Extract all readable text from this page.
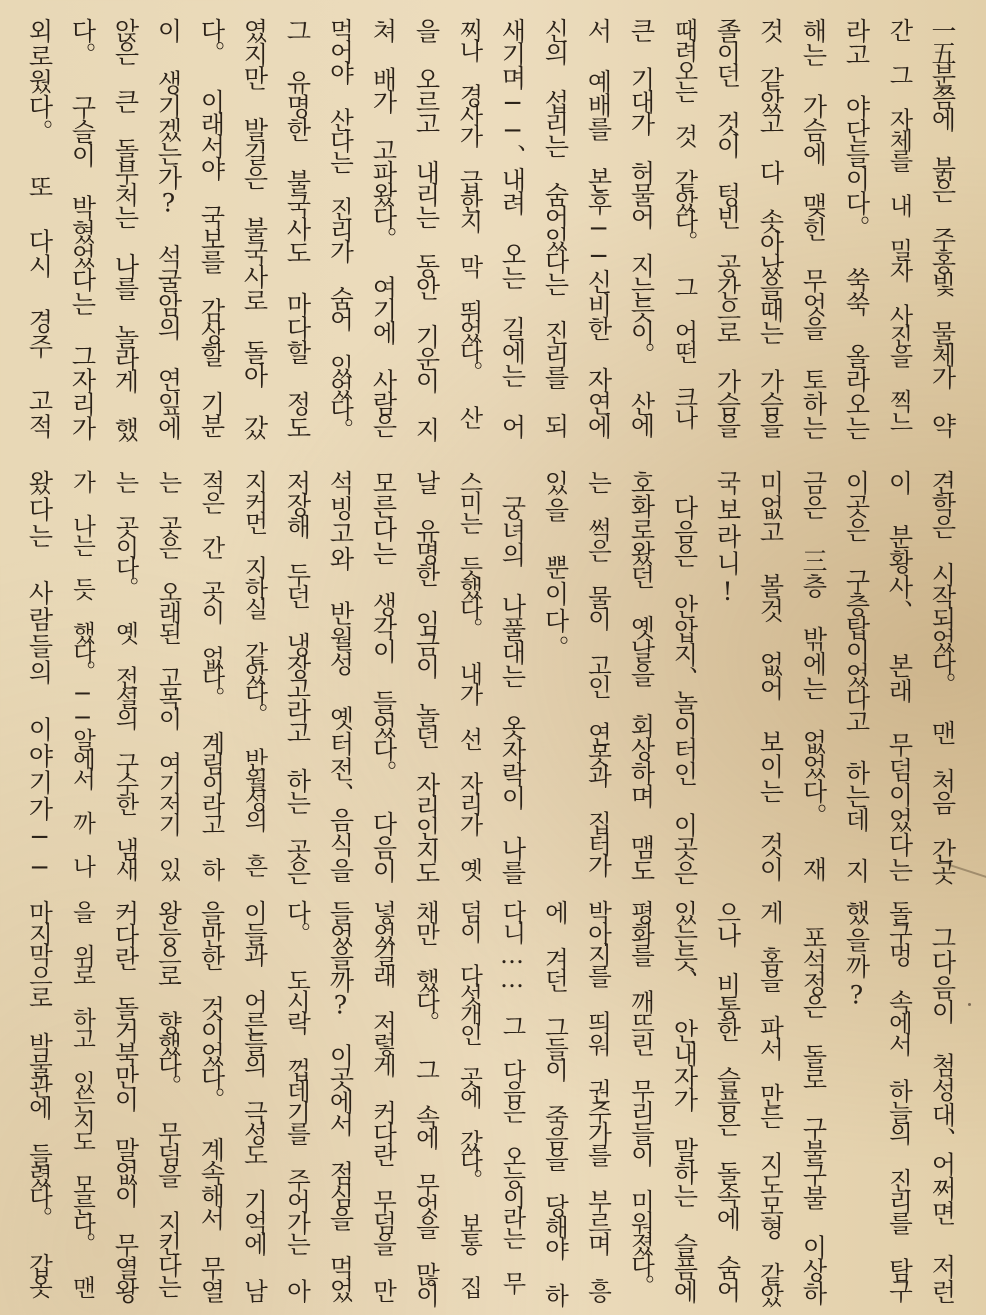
一五분쯤에 붉은 주홍빛 물체가 약
간 그 자체를 내 밀자 사진을 찍느
라고 야단들이다。 쑥쑥 올라오는
해는 가슴에 맺힌 무엇을 토하는
것 같았고 다 솟아났을때는 가슴을
졸이던 것이 텅빈 공간으로 가슴을
때려오는 것 같았다。 그 어떤 크나
큰 기대가 허물어 지는듯이。 산에
서 예배를 본후──신비한 자연에
신의 섭리는 숨어있다는 진리를 되
새기며──、내려 오는 길에는 어
찌나 경사가 급한지 막 뛰었다。 산
을 오르고 내리는 동안 기운이 지
쳐 배가 고파왔다。 여기에 사람은
먹어야 산다는 진리가 숨어 있었다。
그 유명한 불국사도 마다할 정도
였지만 발길은 불국사로 돌아 갔
다。 이래서야 국보를 감상할 기분
이 생기겠는가? 석굴암의 연잎에
앉은 큰 돌부처는 나를 놀라게 했
다。 구슬이 박혔었다는 그자리가
외로웠다。 또 다시 경주 고적
견학은 시작되었다。 맨 처음 간곳
이 분황사、 본래 무덤이었다는
이곳은 구층탑이었다고 하는데 지
금은 三층 밖에는 없었다。 재
미없고 볼것 없어 보이는 것이
국보라니!
다음은 안압지、놀이터인 이곳은
호화로왔던 옛날을 회상하며 맴도
는 썩은 물이 고인 연못과 집터가
있을 뿐이다。
궁녀의 나풀대는 옷자락이 나를
스미는 듯했다。 내가 선 자리가 옛
날 유명한 임금이 놀던 자리인지도
모른다는 생각이 들었다。 다음이
석빙고와 반월성 옛터전、음식을
저장해 두던 냉장고라고 하는 곳은
지커먼 지하실 같았다。 반월성의 흔
적은 간 곳이 없다。 계림이라고 하
는 곳은 오래된 고목이 여기저기 있
는 곳이다。 옛 전설의 구수한 냄새
가 나는 듯 했다。──알에서 까 나
왔다는 사람들의 이야기가──
그다음이 첨성대、어쩌면 저런
돌구멍 속에서 하늘의 진리를 탐구
했을까?
포석정은 돌로 구불구불 이상하
게 홈을 파서 만든 지도모형 같았
으나 비통한 슬픔은 돌속에 숨어
있는듯、 안내자가 말하는 슬픔에
평화를 깨뜨린 무리들이 미워졌다。
박아지를 띄워 권주가를 부르며 흥
에 겨던 그들이 죽음을 당해야 하
다니…… 그 다음은 오능이라는 무
덤이 다섯개인 곳에 갔다。 보통 집
채만 했다。 그 속에 무엇을 많이
넣었길래 저렇게 커다란 무덤을 만
들었을까? 이곳에서 점심을 먹었
다。 도시락 껍데기를 주어가는 아
이들과 어른들의 극성도 기억에 남
을만한 것이었다。 계속해서 무열
왕능으로 향했다。 무덤을 지킨다는
커다란 돌거북만이 말없이 무열왕
을 위로 하고 있는지도 모른다。 맨
마지막으로 박물관에 들렸다。 갑옷
